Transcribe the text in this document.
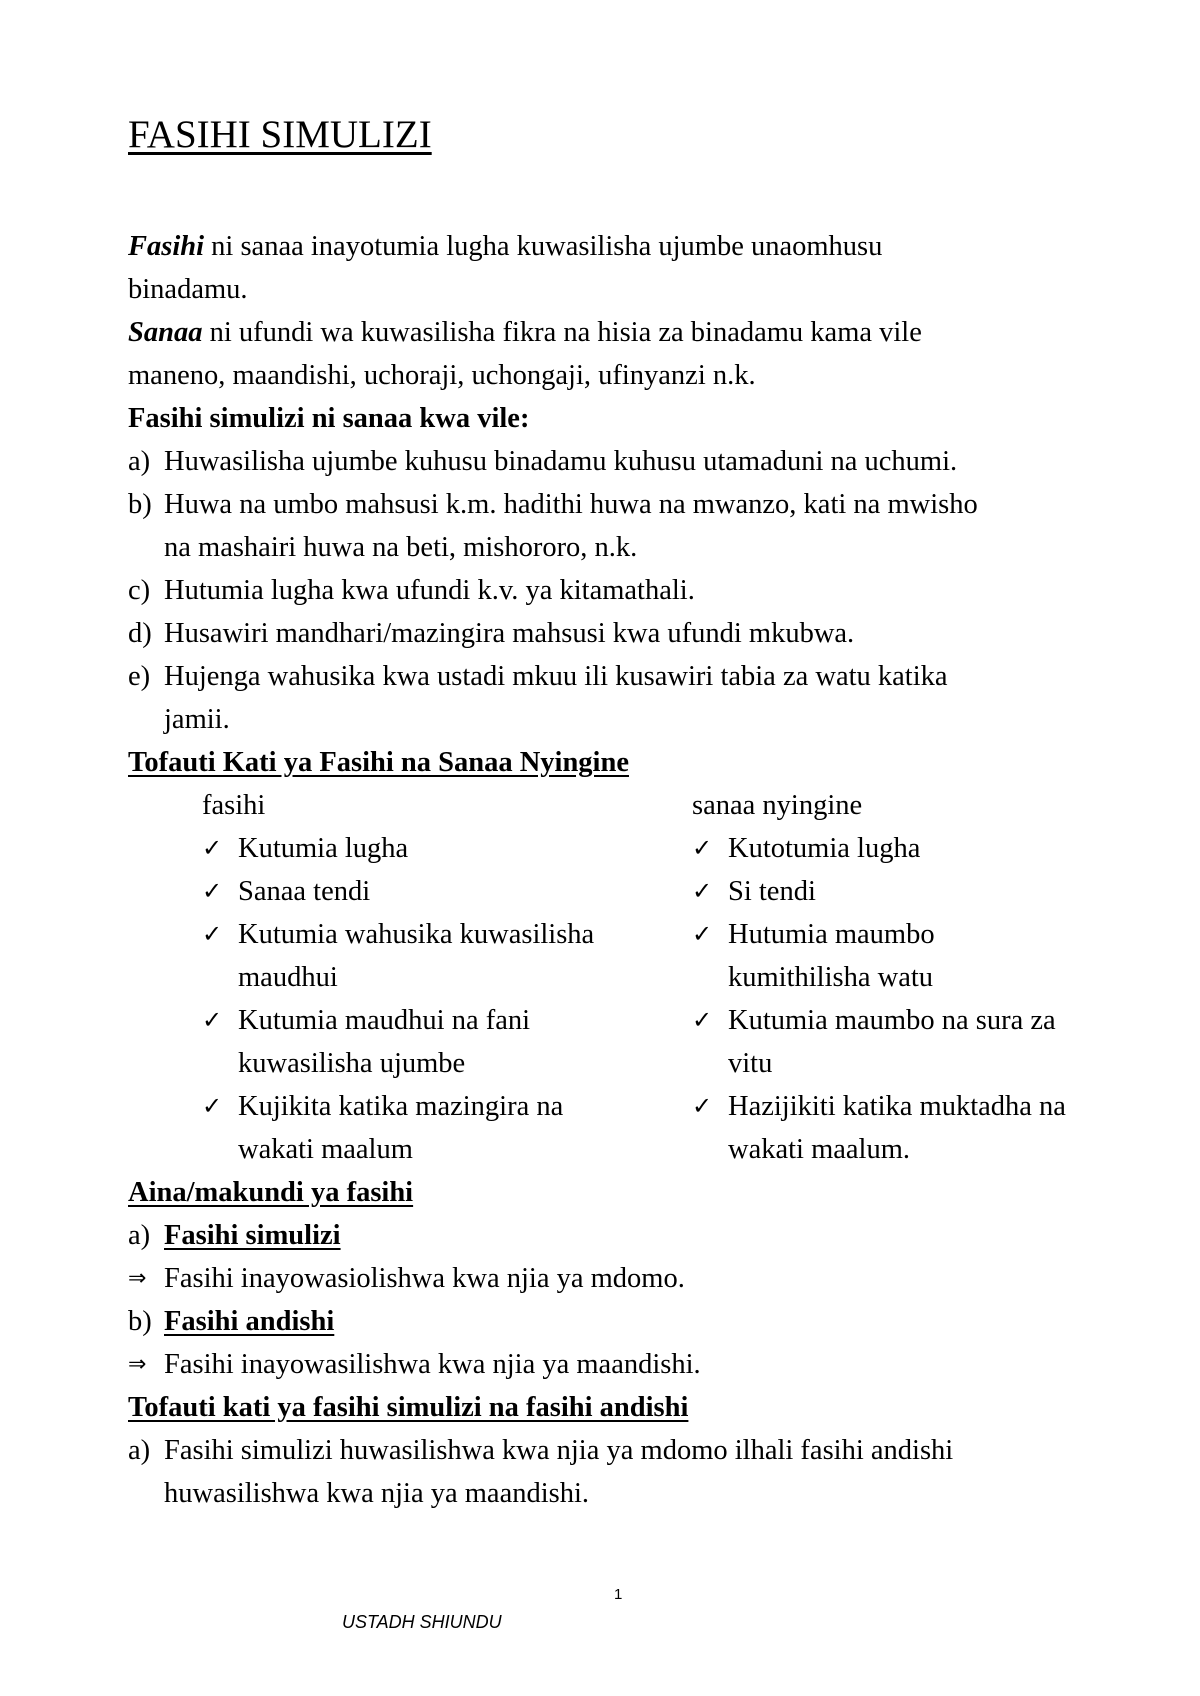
FASIHI SIMULIZI
Fasihi ni sanaa inayotumia lugha kuwasilisha ujumbe unaomhusu
binadamu.
Sanaa ni ufundi wa kuwasilisha fikra na hisia za binadamu kama vile
maneno, maandishi, uchoraji, uchongaji, ufinyanzi n.k.
Fasihi simulizi ni sanaa kwa vile:
a) Huwasilisha ujumbe kuhusu binadamu kuhusu utamaduni na uchumi.
b) Huwa na umbo mahsusi k.m. hadithi huwa na mwanzo, kati na mwisho
na mashairi huwa na beti, mishororo, n.k.
c) Hutumia lugha kwa ufundi k.v. ya kitamathali.
d) Husawiri mandhari/mazingira mahsusi kwa ufundi mkubwa.
e) Hujenga wahusika kwa ustadi mkuu ili kusawiri tabia za watu katika
jamii.
Tofauti Kati ya Fasihi na Sanaa Nyingine
fasihi
✓ Kutumia lugha
✓ Sanaa tendi
✓ Kutumia wahusika kuwasilisha
maudhui
✓ Kutumia maudhui na fani
kuwasilisha ujumbe
✓ Kujikita katika mazingira na
wakati maalum
sanaa nyingine
✓ Kutotumia lugha
✓ Si tendi
✓ Hutumia maumbo
kumithilisha watu
✓ Kutumia maumbo na sura za
vitu
✓ Hazijikiti katika muktadha na
wakati maalum.
Aina/makundi ya fasihi
a) Fasihi simulizi
⇒ Fasihi inayowasiolishwa kwa njia ya mdomo.
b) Fasihi andishi
⇒ Fasihi inayowasilishwa kwa njia ya maandishi.
Tofauti kati ya fasihi simulizi na fasihi andishi
a) Fasihi simulizi huwasilishwa kwa njia ya mdomo ilhali fasihi andishi
huwasilishwa kwa njia ya maandishi.
1
USTADH SHIUNDU
